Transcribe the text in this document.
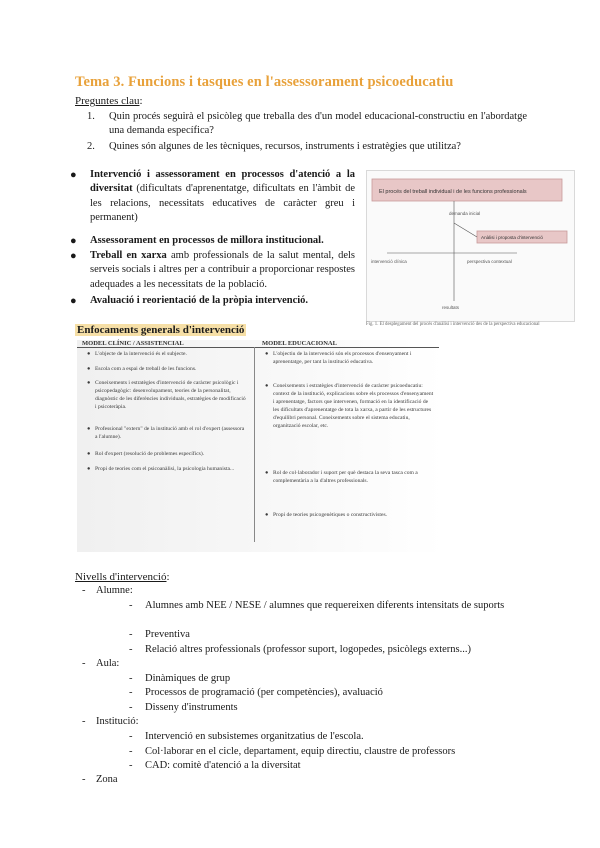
Tema 3. Funcions i tasques en l'assessorament psicoeducatiu
Preguntes clau:
1. Quin procés seguirà el psicòleg que treballa des d'un model educacional-constructiu en l'abordatge una demanda específica?
2. Quines són algunes de les tècniques, recursos, instruments i estratègies que utilitza?
● Intervenció i assessorament en processos d'atenció a la diversitat (dificultats d'aprenentatge, dificultats en l'àmbit de les relacions, necessitats educatives de caràcter greu i permanent)
● Assessorament en processos de millora institucional.
● Treball en xarxa amb professionals de la salut mental, dels serveis socials i altres per a contribuir a proporcionar respostes adequades a les necessitats de la població.
● Avaluació i reorientació de la pròpia intervenció.
El procés del treball individual i de les funcions professionals
demanda inicial
Anàlisi i proposta d'intervenció
intervenció clínica	perspectiva contextual
resultats
Fig. 1. El desplegament del procés d'anàlisi i intervenció des de la perspectiva educacional
Enfocaments generals d'intervenció
MODEL CLÍNIC / ASSISTENCIAL	MODEL EDUCACIONAL
● L'objecte de la intervenció és el subjecte.
● Escola com a espai de treball de les funcions.
● Coneixements i estratègies d'intervenció de caràcter psicològic i psicopedagògic: desenvolupament, teories de la personalitat, diagnòstic de les diferències individuals, estratègies de modificació i psicoteràpia.
● Professional "extern" de la institució amb el rol d'expert (assessora a l'alumne).
● Rol d'expert (resolució de problemes específics).
● Propi de teories com el psicoanàlisi, la psicologia humanista...
● L'objectiu de la intervenció són els processos d'ensenyament i aprenentatge, per tant la institució educativa.
● Coneixements i estratègies d'intervenció de caràcter psicoeducatiu: context de la institució, explicacions sobre els processos d'ensenyament i aprenentatge, factors que intervenen, formació en la identificació de les dificultats d'aprenentatge de tota la xarxa, a partir de les estructures d'equilibri personal. Coneixements sobre el sistema educatiu, organització escolar, etc.
● Rol de col·laborador i suport per què destaca la seva tasca com a complementària a la d'altres professionals.
● Propi de teories psicogenètiques o constructivistes.
Nivells d'intervenció:
- Alumne:
- Alumnes amb NEE / NESE / alumnes que requereixen diferents intensitats de suports
- Preventiva
- Relació altres professionals (professor suport, logopedes, psicòlegs externs...)
- Aula:
- Dinàmiques de grup
- Processos de programació (per competències), avaluació
- Disseny d'instruments
- Institució:
- Intervenció en subsistemes organitzatius de l'escola.
- Col·laborar en el cicle, departament, equip directiu, claustre de professors
- CAD: comitè d'atenció a la diversitat
- Zona
